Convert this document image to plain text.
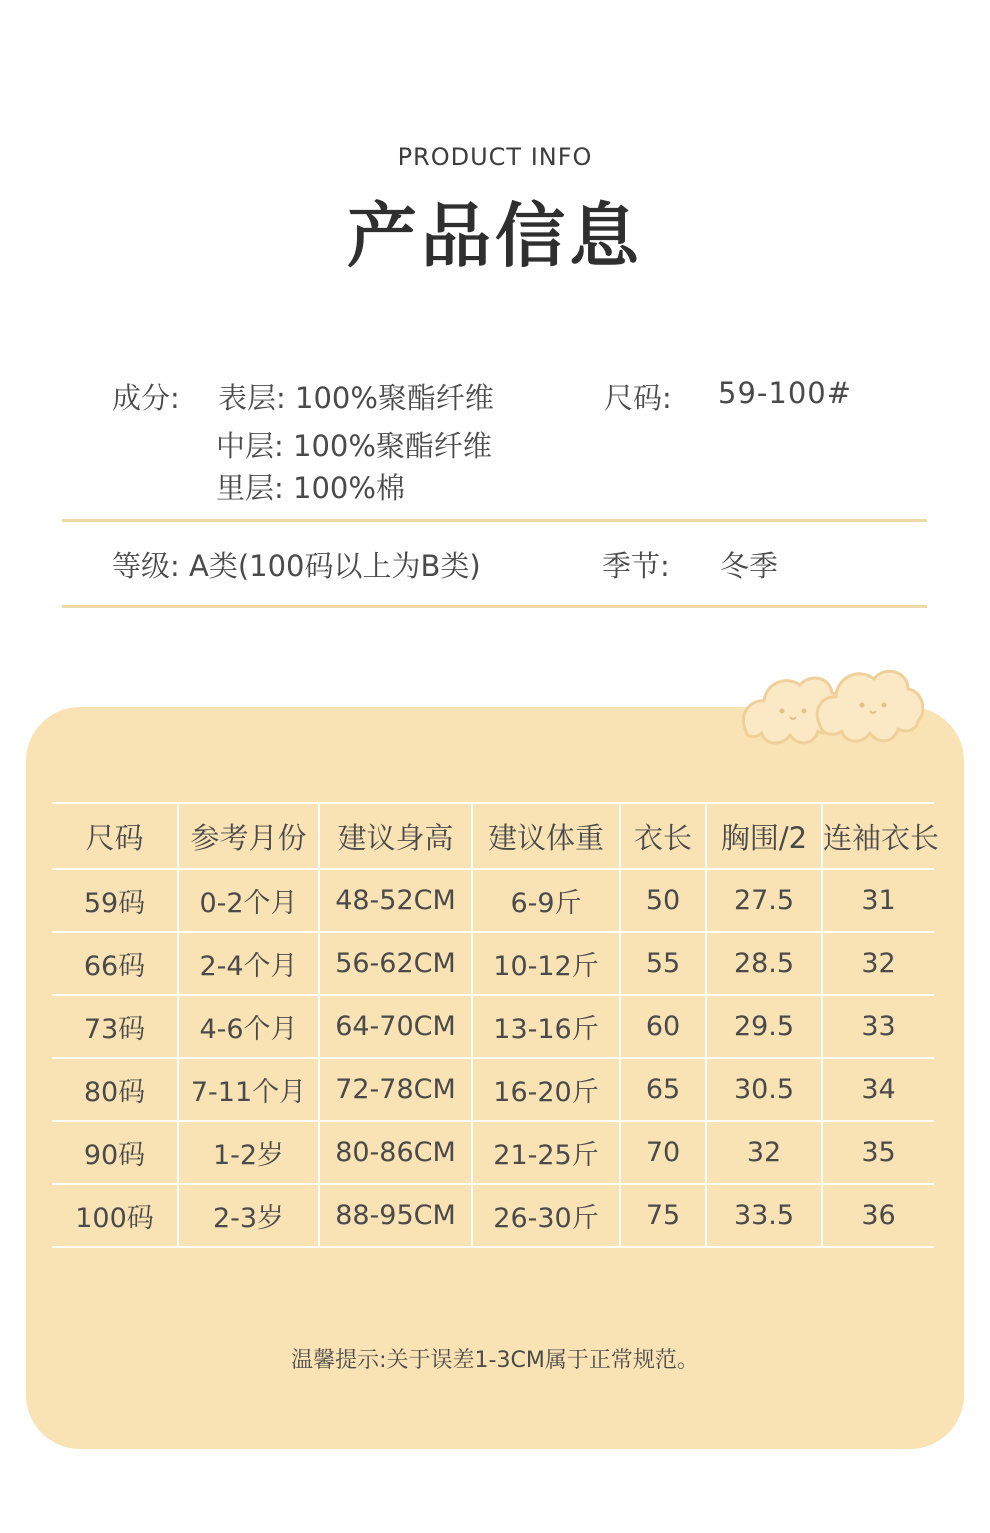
PRODUCT INFO
产品信息
成分: 表层: 100%聚酯纤维	尺码: 59-100#
中层: 100%聚酯纤维
里层: 100%棉
等级: A类(100码以上为B类)	季节: 冬季
尺码	参考月份	建议身高	建议体重	衣长	胸围/2	连袖衣长
59码	0-2个月	48-52CM	6-9斤	50	27.5	31
66码	2-4个月	56-62CM	10-12斤	55	28.5	32
73码	4-6个月	64-70CM	13-16斤	60	29.5	33
80码	7-11个月	72-78CM	16-20斤	65	30.5	34
90码	1-2岁	80-86CM	21-25斤	70	32	35
100码	2-3岁	88-95CM	26-30斤	75	33.5	36
温馨提示:关于误差1-3CM属于正常规范。
